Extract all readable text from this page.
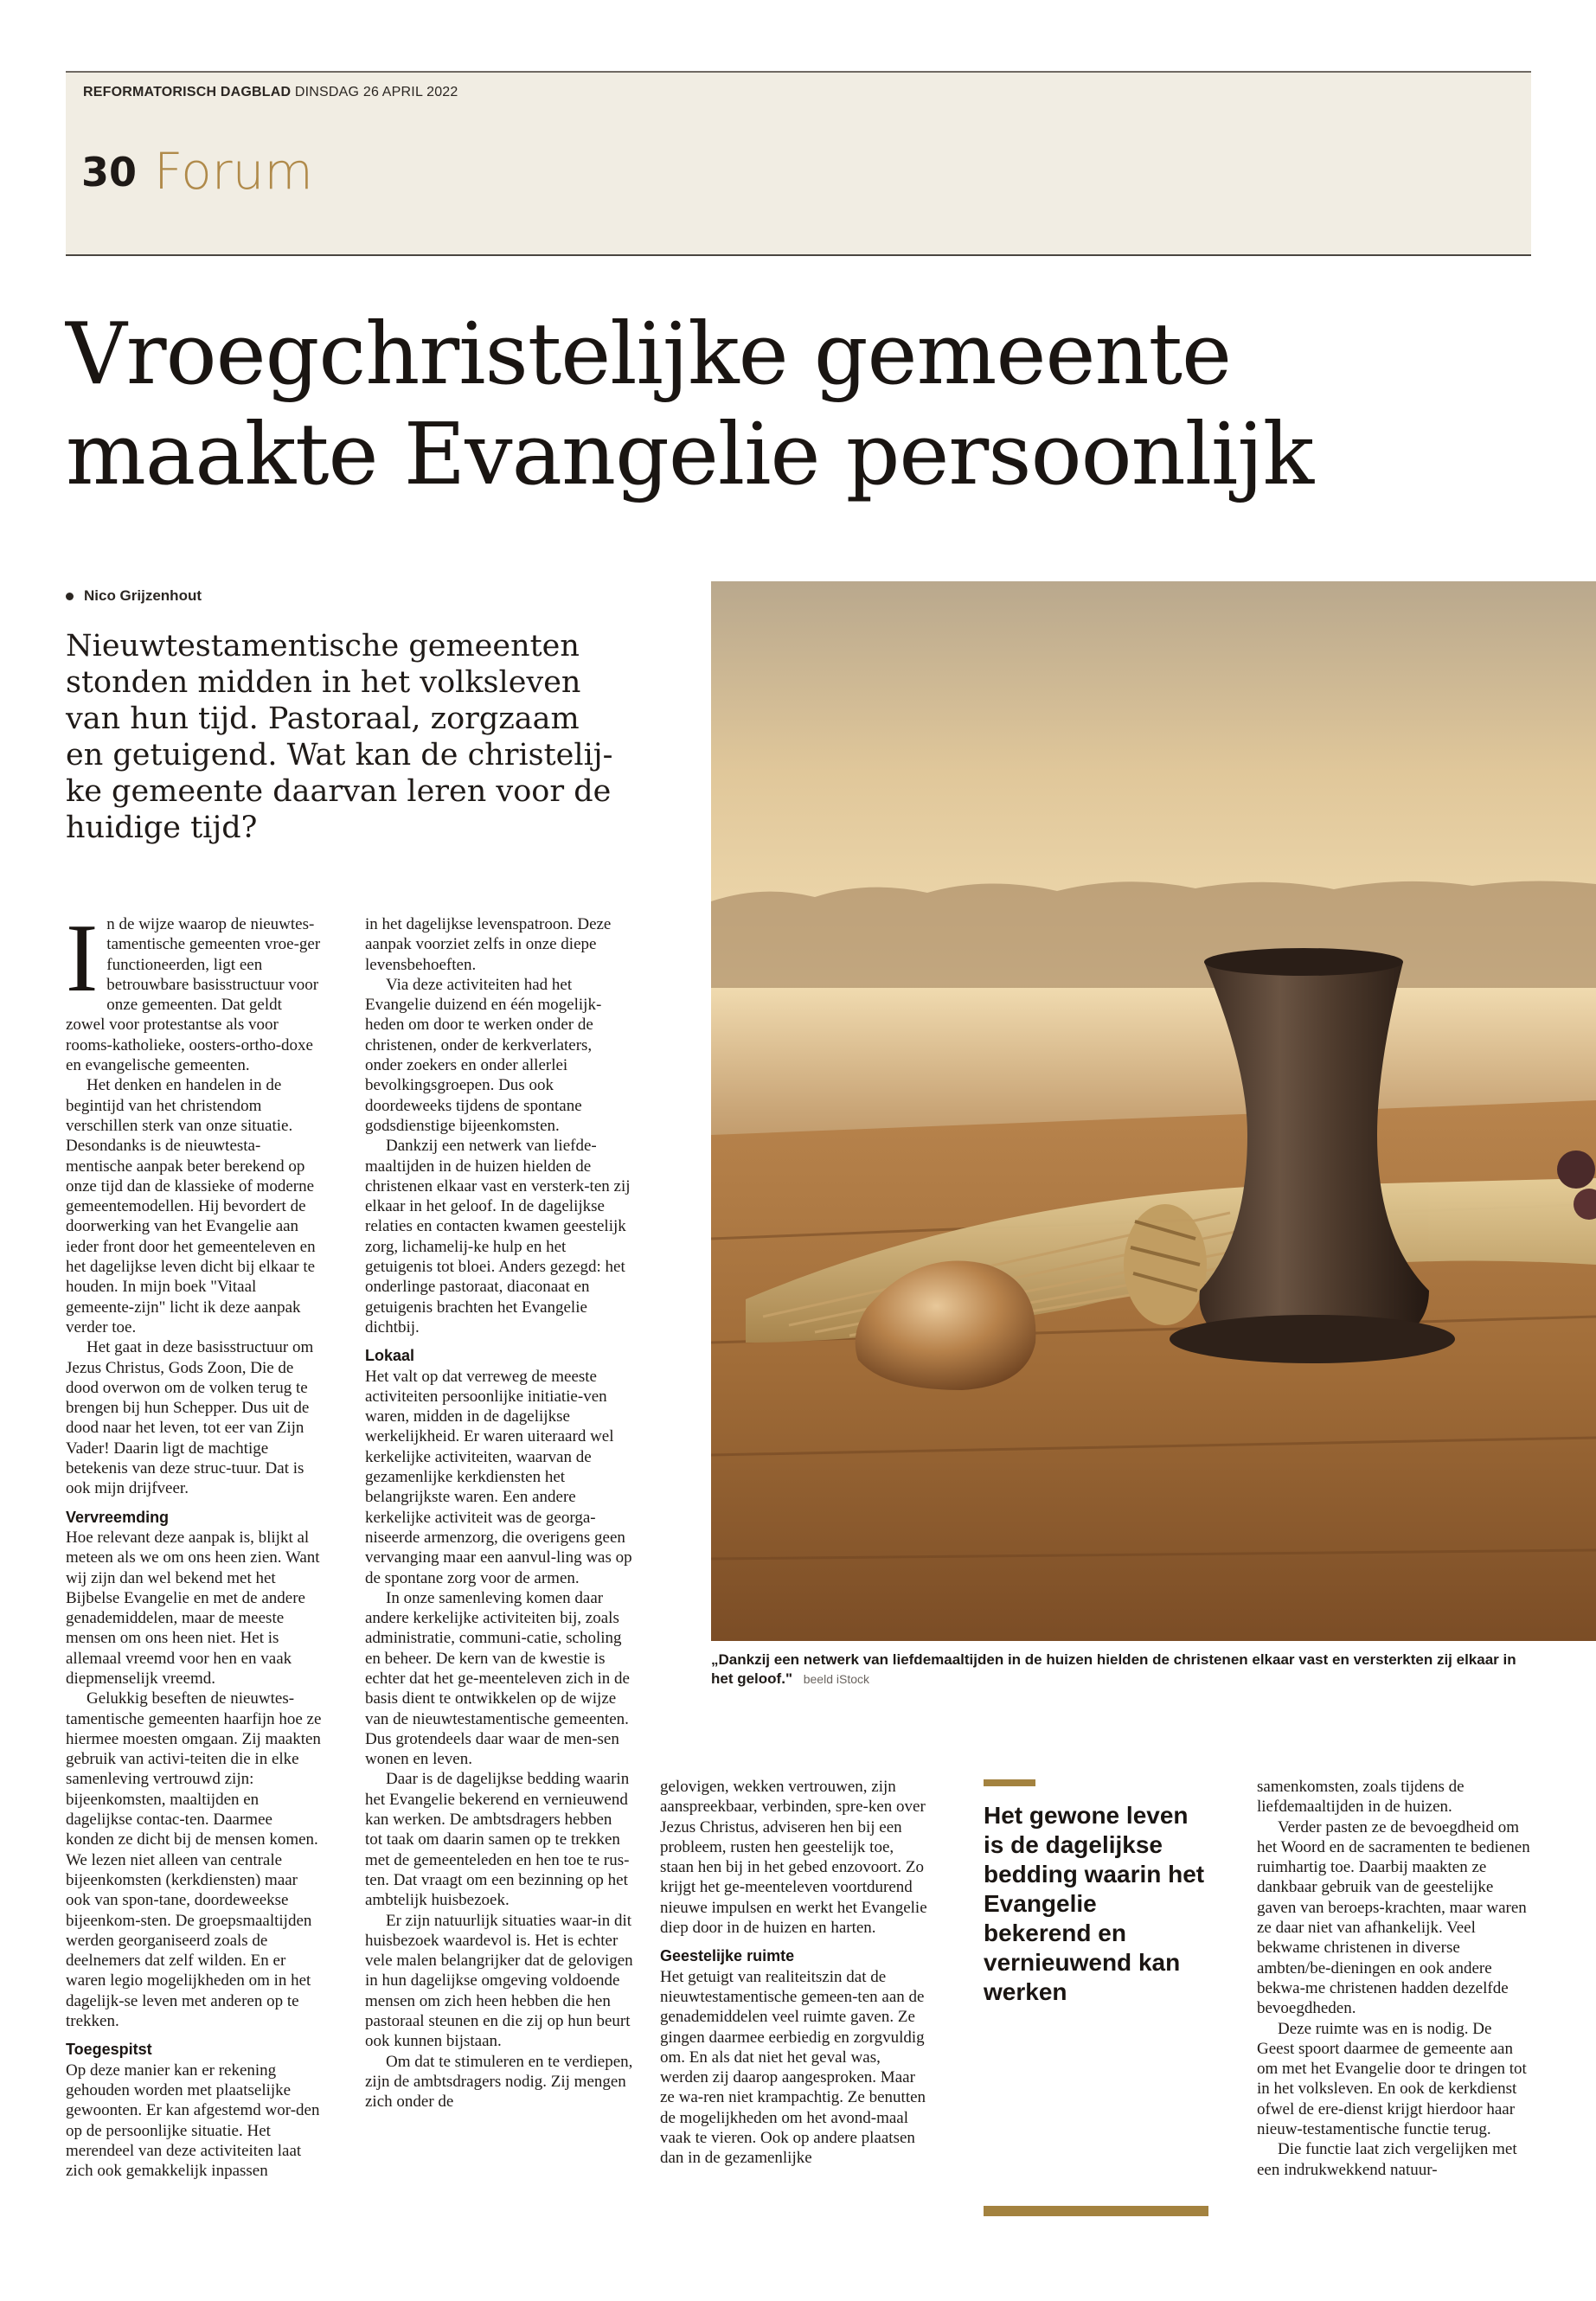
REFORMATORISCH DAGBLAD DINSDAG 26 APRIL 2022
30 Forum
Vroegchristelijke gemeente
maakte Evangelie persoonlijk
Nico Grijzenhout
Nieuwtestamentische gemeenten
stonden midden in het volksleven
van hun tijd. Pastoraal, zorgzaam
en getuigend. Wat kan de christelij-
ke gemeente daarvan leren voor de
huidige tijd?
I n de wijze waarop de nieuwtes-tamentische gemeenten vroe-ger functioneerden, ligt een betrouwbare basisstructuur voor onze gemeenten. Dat geldt zowel voor protestantse als voor rooms-katholieke, oosters-ortho-doxe en evangelische gemeenten.

Het denken en handelen in de begintijd van het christendom verschillen sterk van onze situatie. Desondanks is de nieuwtesta-mentische aanpak beter berekend op onze tijd dan de klassieke of moderne gemeentemodellen. Hij bevordert de doorwerking van het Evangelie aan ieder front door het gemeenteleven en het dagelijkse leven dicht bij elkaar te houden. In mijn boek "Vitaal gemeente-zijn" licht ik deze aanpak verder toe.

Het gaat in deze basisstructuur om Jezus Christus, Gods Zoon, Die de dood overwon om de volken terug te brengen bij hun Schepper. Dus uit de dood naar het leven, tot eer van Zijn Vader! Daarin ligt de machtige betekenis van deze struc-tuur. Dat is ook mijn drijfveer.

Vervreemding

Hoe relevant deze aanpak is, blijkt al meteen als we om ons heen zien. Want wij zijn dan wel bekend met het Bijbelse Evangelie en met de andere genademiddelen, maar de meeste mensen om ons heen niet. Het is allemaal vreemd voor hen en vaak diepmenselijk vreemd.

Gelukkig beseften de nieuwtes-tamentische gemeenten haarfijn hoe ze hiermee moesten omgaan. Zij maakten gebruik van activi-teiten die in elke samenleving vertrouwd zijn: bijeenkomsten, maaltijden en dagelijkse contac-ten. Daarmee konden ze dicht bij de mensen komen. We lezen niet alleen van centrale bijeenkomsten (kerkdiensten) maar ook van spon-tane, doordeweekse bijeenkom-sten. De groepsmaaltijden werden georganiseerd zoals de deelnemers dat zelf wilden. En er waren legio mogelijkheden om in het dagelijk-se leven met anderen op te trekken.

Toegespitst

Op deze manier kan er rekening gehouden worden met plaatselijke gewoonten. Er kan afgestemd wor-den op de persoonlijke situatie. Het merendeel van deze activiteiten laat zich ook gemakkelijk inpassen

in het dagelijkse levenspatroon. Deze aanpak voorziet zelfs in onze diepe levensbehoeften.

Via deze activiteiten had het Evangelie duizend en één mogelijk-heden om door te werken onder de christenen, onder de kerkverlaters, onder zoekers en onder allerlei bevolkingsgroepen. Dus ook doordeweeks tijdens de spontane godsdienstige bijeenkomsten.

Dankzij een netwerk van liefde-maaltijden in de huizen hielden de christenen elkaar vast en versterk-ten zij elkaar in het geloof. In de dagelijkse relaties en contacten kwamen geestelijk zorg, lichamelij-ke hulp en het getuigenis tot bloei. Anders gezegd: het onderlinge pastoraat, diaconaat en getuigenis brachten het Evangelie dichtbij.

Lokaal

Het valt op dat verreweg de meeste activiteiten persoonlijke initiatie-ven waren, midden in de dagelijkse werkelijkheid. Er waren uiteraard wel kerkelijke activiteiten, waarvan de gezamenlijke kerkdiensten het belangrijkste waren. Een andere kerkelijke activiteit was de georga-niseerde armenzorg, die overigens geen vervanging maar een aanvul-ling was op de spontane zorg voor de armen.

In onze samenleving komen daar andere kerkelijke activiteiten bij, zoals administratie, communi-catie, scholing en beheer. De kern van de kwestie is echter dat het ge-meenteleven zich in de basis dient te ontwikkelen op de wijze van de nieuwtestamentische gemeenten. Dus grotendeels daar waar de men-sen wonen en leven.

Daar is de dagelijkse bedding waarin het Evangelie bekerend en vernieuwend kan werken. De ambtsdragers hebben tot taak om daarin samen op te trekken met de gemeenteleden en hen toe te rus-ten. Dat vraagt om een bezinning op het ambtelijk huisbezoek.

Er zijn natuurlijk situaties waar-in dit huisbezoek waardevol is. Het is echter vele malen belangrijker dat de gelovigen in hun dagelijkse omgeving voldoende mensen om zich heen hebben die hen pastoraal steunen en die zij op hun beurt ook kunnen bijstaan.

Om dat te stimuleren en te verdiepen, zijn de ambtsdragers nodig. Zij mengen zich onder de

„Dankzij een netwerk van liefdemaaltijden in de huizen hielden de christenen elkaar vast en versterkten zij elkaar in het geloof." beeld iStock

gelovigen, wekken vertrouwen, zijn aanspreekbaar, verbinden, spre-ken over Jezus Christus, adviseren hen bij een probleem, rusten hen geestelijk toe, staan hen bij in het gebed enzovoort. Zo krijgt het ge-meenteleven voortdurend nieuwe impulsen en werkt het Evangelie diep door in de huizen en harten.

Geestelijke ruimte

Het getuigt van realiteitszin dat de nieuwtestamentische gemeen-ten aan de genademiddelen veel ruimte gaven. Ze gingen daarmee eerbiedig en zorgvuldig om. En als dat niet het geval was, werden zij daarop aangesproken. Maar ze wa-ren niet krampachtig. Ze benutten de mogelijkheden om het avond-maal vaak te vieren. Ook op andere plaatsen dan in de gezamenlijke

Het gewone leven is de dagelijkse bedding waarin het Evangelie bekerend en vernieuwend kan werken

samenkomsten, zoals tijdens de liefdemaaltijden in de huizen.

Verder pasten ze de bevoegdheid om het Woord en de sacramenten te bedienen ruimhartig toe. Daarbij maakten ze dankbaar gebruik van de geestelijke gaven van beroeps-krachten, maar waren ze daar niet van afhankelijk. Veel bekwame christenen in diverse ambten/be-dieningen en ook andere bekwa-me christenen hadden dezelfde bevoegdheden.

Deze ruimte was en is nodig. De Geest spoort daarmee de gemeente aan om met het Evangelie door te dringen tot in het volksleven. En ook de kerkdienst ofwel de ere-dienst krijgt hierdoor haar nieuw-testamentische functie terug.

Die functie laat zich vergelijken met een indrukwekkend natuur-
